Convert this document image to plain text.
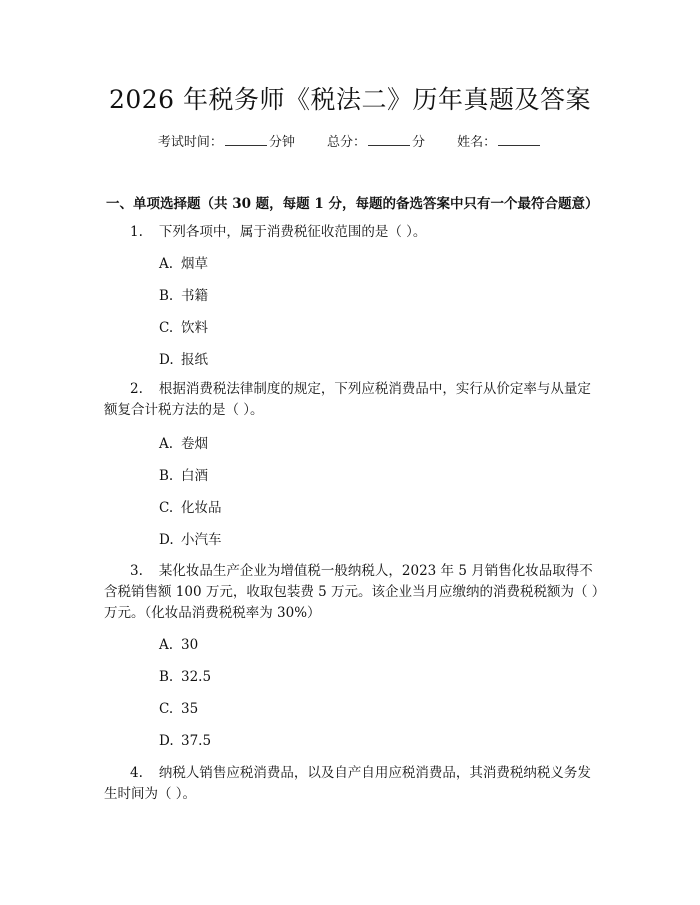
2026 年税务师《税法二》历年真题及答案
考试时间：	分钟 总分：	分 姓名：
一、单项选择题（共 30 题，每题 1 分，每题的备选答案中只有一个最符合题意）
1. 下列各项中，属于消费税征收范围的是（ ）。
A. 烟草
B. 书籍
C. 饮料
D. 报纸
2. 根据消费税法律制度的规定，下列应税消费品中，实行从价定率与从量定额复合计税方法的是（ ）。
A. 卷烟
B. 白酒
C. 化妆品
D. 小汽车
3. 某化妆品生产企业为增值税一般纳税人，2023 年 5 月销售化妆品取得不含税销售额 100 万元，收取包装费 5 万元。该企业当月应缴纳的消费税税额为（ ）万元。（化妆品消费税税率为 30%）
A. 30
B. 32.5
C. 35
D. 37.5
4. 纳税人销售应税消费品，以及自产自用应税消费品，其消费税纳税义务发生时间为（ ）。
